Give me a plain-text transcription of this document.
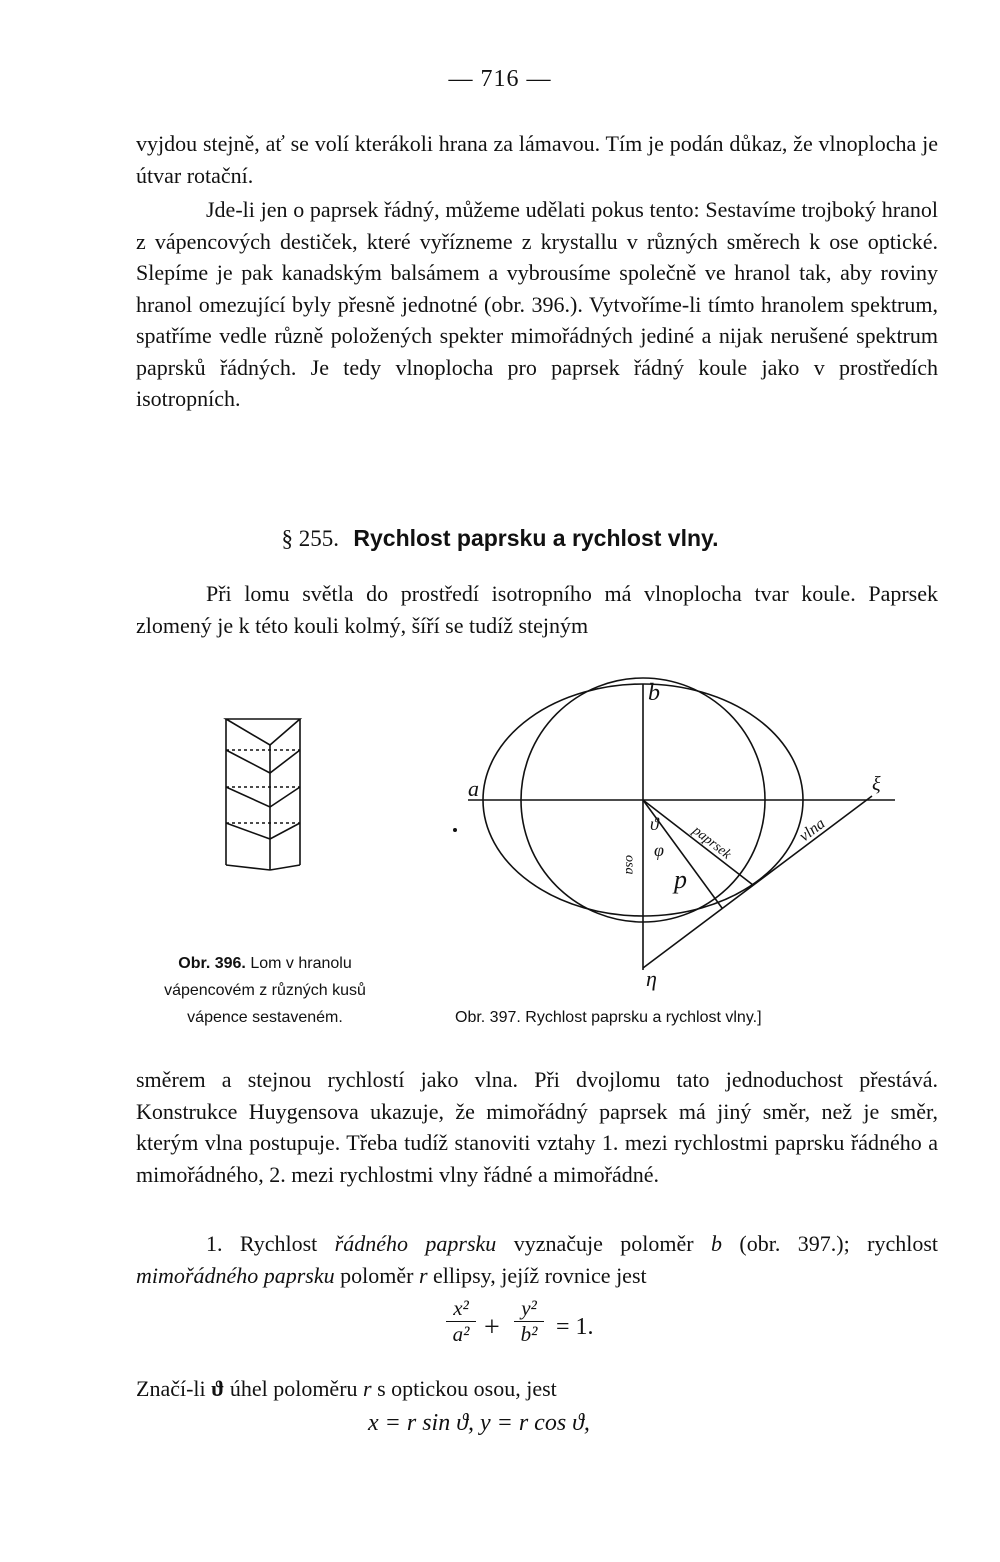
— 716 —

vyjdou stejně, ať se volí kterákoli hrana za lámavou. Tím je podán důkaz, že vlnoplocha je útvar rotační.

Jde-li jen o paprsek řádný, můžeme udělati pokus tento: Sestavíme trojboký hranol z vápencových destiček, které vyřízneme z krystallu v různých směrech k ose optické. Slepíme je pak kanadským balsámem a vybrousíme společně ve hranol tak, aby roviny hranol omezující byly přesně jednotné (obr. 396.). Vytvoříme-li tímto hranolem spektrum, spatříme vedle různě položených spekter mimořádných jediné a nijak nerušené spektrum paprsků řádných. Je tedy vlnoplocha pro paprsek řádný koule jako v prostředích isotropních.

§ 255. Rychlost paprsku a rychlost vlny.

Při lomu světla do prostředí isotropního má vlnoplocha tvar koule. Paprsek zlomený je k této kouli kolmý, šíří se tudíž stejným

Obr. 396. Lom v hranolu vápencovém z různých kusů vápence sestaveném.

a
b
ξ
η
ϑ
φ
p
osa
paprsek	vlna

Obr. 397. Rychlost paprsku a rychlost vlny.]

směrem a stejnou rychlostí jako vlna. Při dvojlomu tato jednoduchost přestává. Konstrukce Huygensova ukazuje, že mimořádný paprsek má jiný směr, než je směr, kterým vlna postupuje. Třeba tudíž stanoviti vztahy 1. mezi rychlostmi paprsku řádného a mimořádného, 2. mezi rychlostmi vlny řádné a mimořádné.

1. Rychlost řádného paprsku vyznačuje poloměr b (obr. 397.); rychlost mimořádného paprsku poloměr r ellipsy, jejíž rovnice jest

x²
a² +
y²
b² = 1.

Značí-li ϑ úhel poloměru r s optickou osou, jest

x = r sin ϑ, y = r cos ϑ,
